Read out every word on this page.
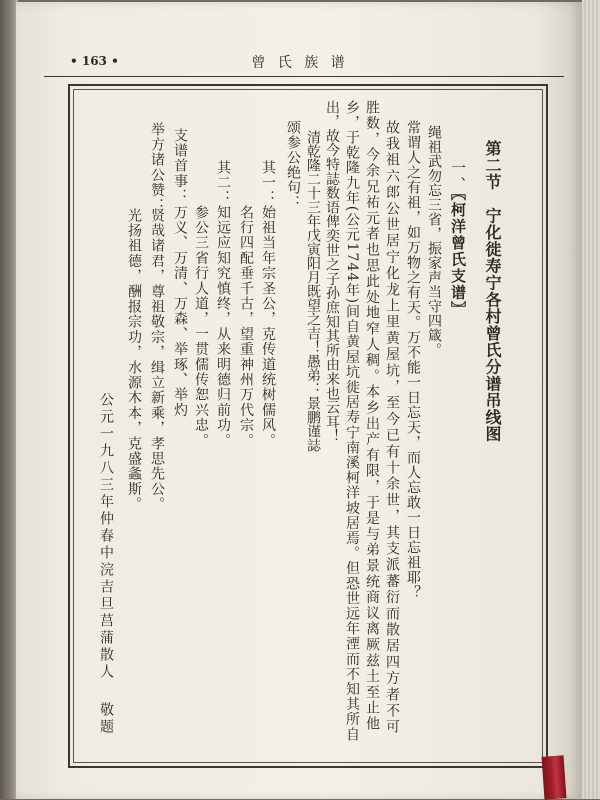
• 163 •	曾 氏 族 谱
第二节　宁化徙寿宁各村曾氏分谱吊线图
一、〖柯洋曾氏支谱〗
绳祖武勿忘三省，振家声当守四箴。
常谓人之有祖，如万物之有天。万不能一日忘天，而人忘敢一日忘祖耶？
故我祖六郎公世居宁化龙上里黄屋坑，至今已有十余世，其支派蕃衍而散居四方者不可
胜数，今余兄祐元者也思此处地窄人稠。本乡出产有限，于是与弟景统商议离厥兹土至止他
乡，于乾隆九年(公元1744年)间自黄屋坑徙居寿宁南溪柯洋坡居焉。但恐世远年湮而不知其所自
出，故今特誌数语俾奕世之子孙庶知其所由来也云耳！
清乾隆二十三年戊寅阳月既望之吉！愚弟：景鹏谨誌
颂参公绝句：
其一：
始祖当年宗圣公，克传道统树儒风。
名行四配垂千古，望重神州万代宗。
其二：
知远应知究慎终，从来明德归前功。
参公三省行人道，一贯儒传恕兴忠。
支谱首事：
万义、万清、万森、举琢、举灼
举方诸公赞：
贤哉诸君，尊祖敬宗，缉立新乘，孝思先公。
光扬祖德，酬报宗功，水源木本，克盛螽斯。
公元一九八三年仲春中浣吉旦莒蒲散人
敬题
